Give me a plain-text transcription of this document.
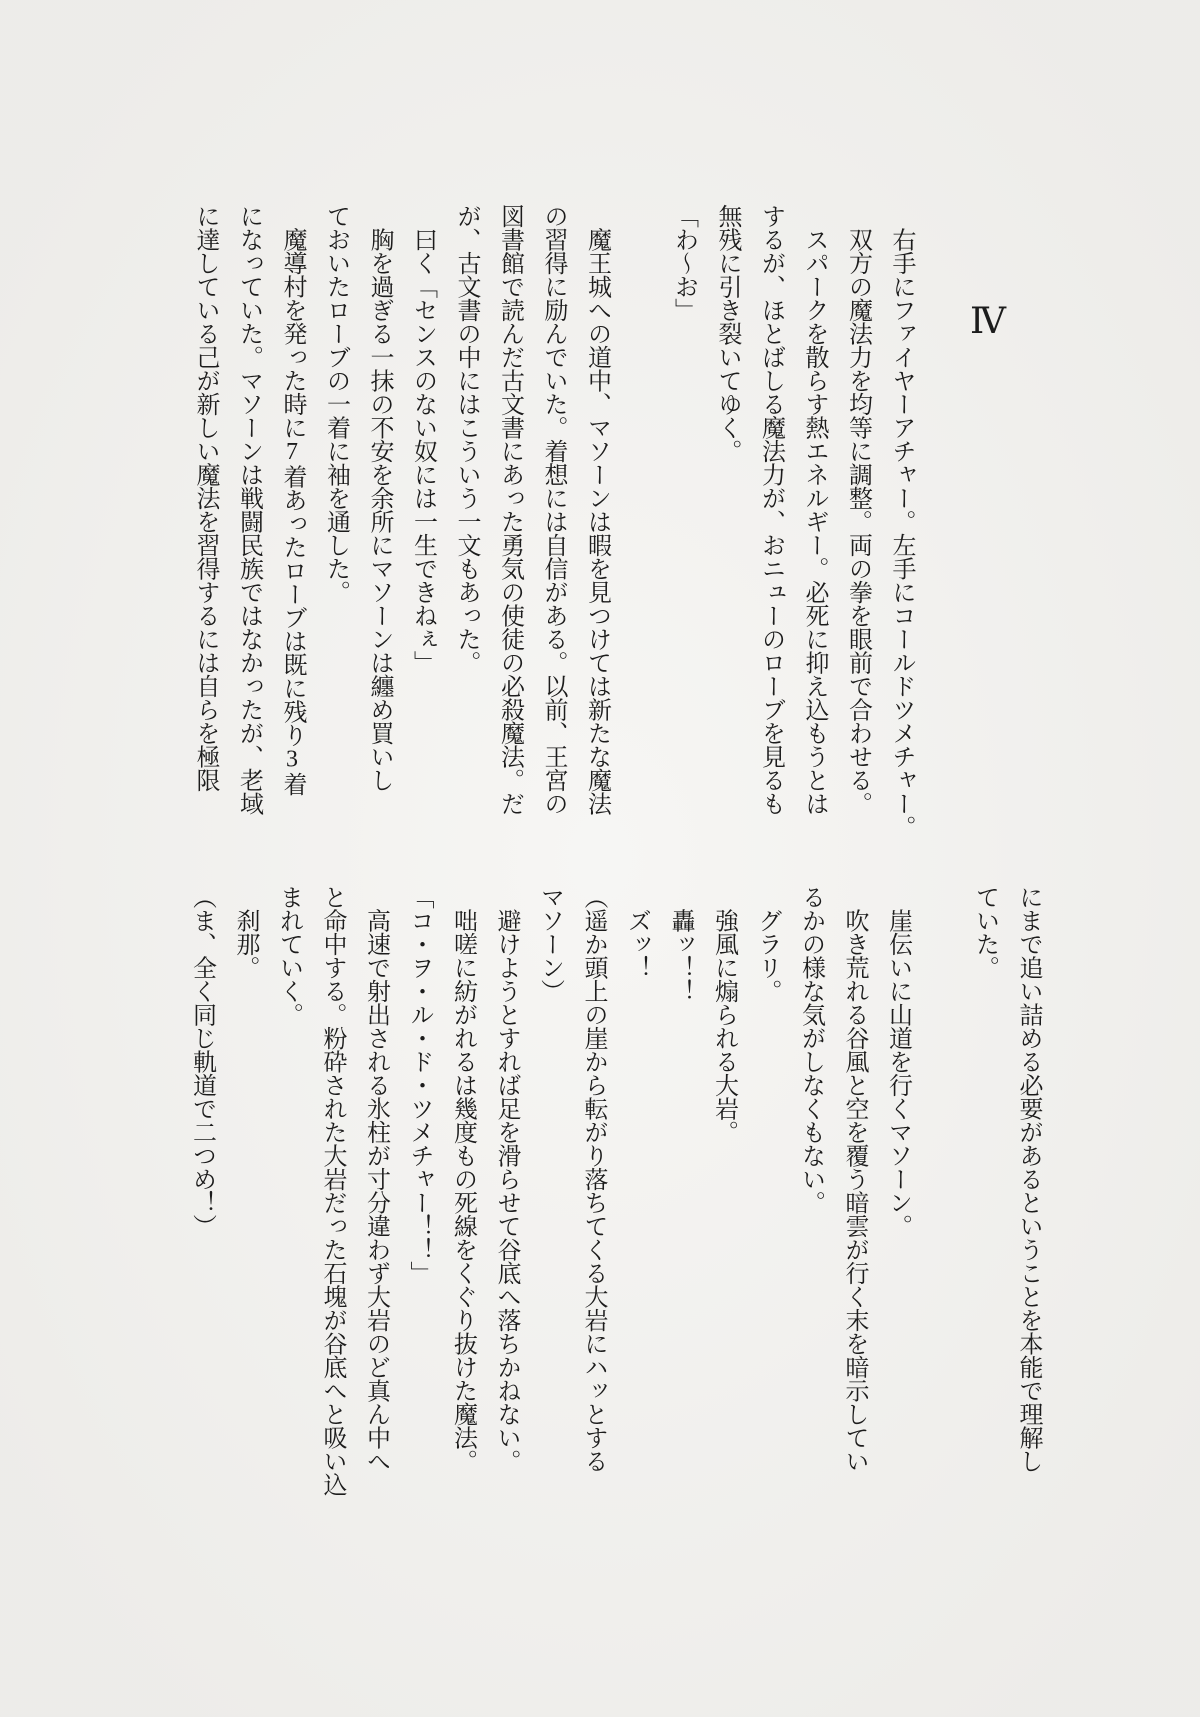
Ⅳ
　右手にファイヤーアチャー。左手にコールドツメチャー。
　双方の魔法力を均等に調整。両の拳を眼前で合わせる。
　スパークを散らす熱エネルギー。必死に抑え込もうとは
するが、ほとばしる魔法力が、おニューのローブを見るも
無残に引き裂いてゆく。
「わ〜お」
　魔王城への道中、マソーンは暇を見つけては新たな魔法
の習得に励んでいた。着想には自信がある。以前、王宮の
図書館で読んだ古文書にあった勇気の使徒の必殺魔法。だ
が、古文書の中にはこういう一文もあった。
　曰く「センスのない奴には一生できねぇ」
　胸を過ぎる一抹の不安を余所にマソーンは纏め買いし
ておいたローブの一着に袖を通した。
　魔導村を発った時に7着あったローブは既に残り3着
になっていた。マソーンは戦闘民族ではなかったが、老域
に達している己が新しい魔法を習得するには自らを極限
にまで追い詰める必要があるということを本能で理解し
ていた。
　崖伝いに山道を行くマソーン。
　吹き荒れる谷風と空を覆う暗雲が行く末を暗示してい
るかの様な気がしなくもない。
　グラリ。
　強風に煽られる大岩。
　轟ッ！！
　ズッ！
（遥か頭上の崖から転がり落ちてくる大岩にハッとする
マソーン）
　避けようとすれば足を滑らせて谷底へ落ちかねない。
　咄嗟に紡がれるは幾度もの死線をくぐり抜けた魔法。
「コ・ヲ・ル・ド・ツメチャー！！」
　高速で射出される氷柱が寸分違わず大岩のど真ん中へ
と命中する。粉砕された大岩だった石塊が谷底へと吸い込
まれていく。
　刹那。
（ま、全く同じ軌道で二つめ！）
